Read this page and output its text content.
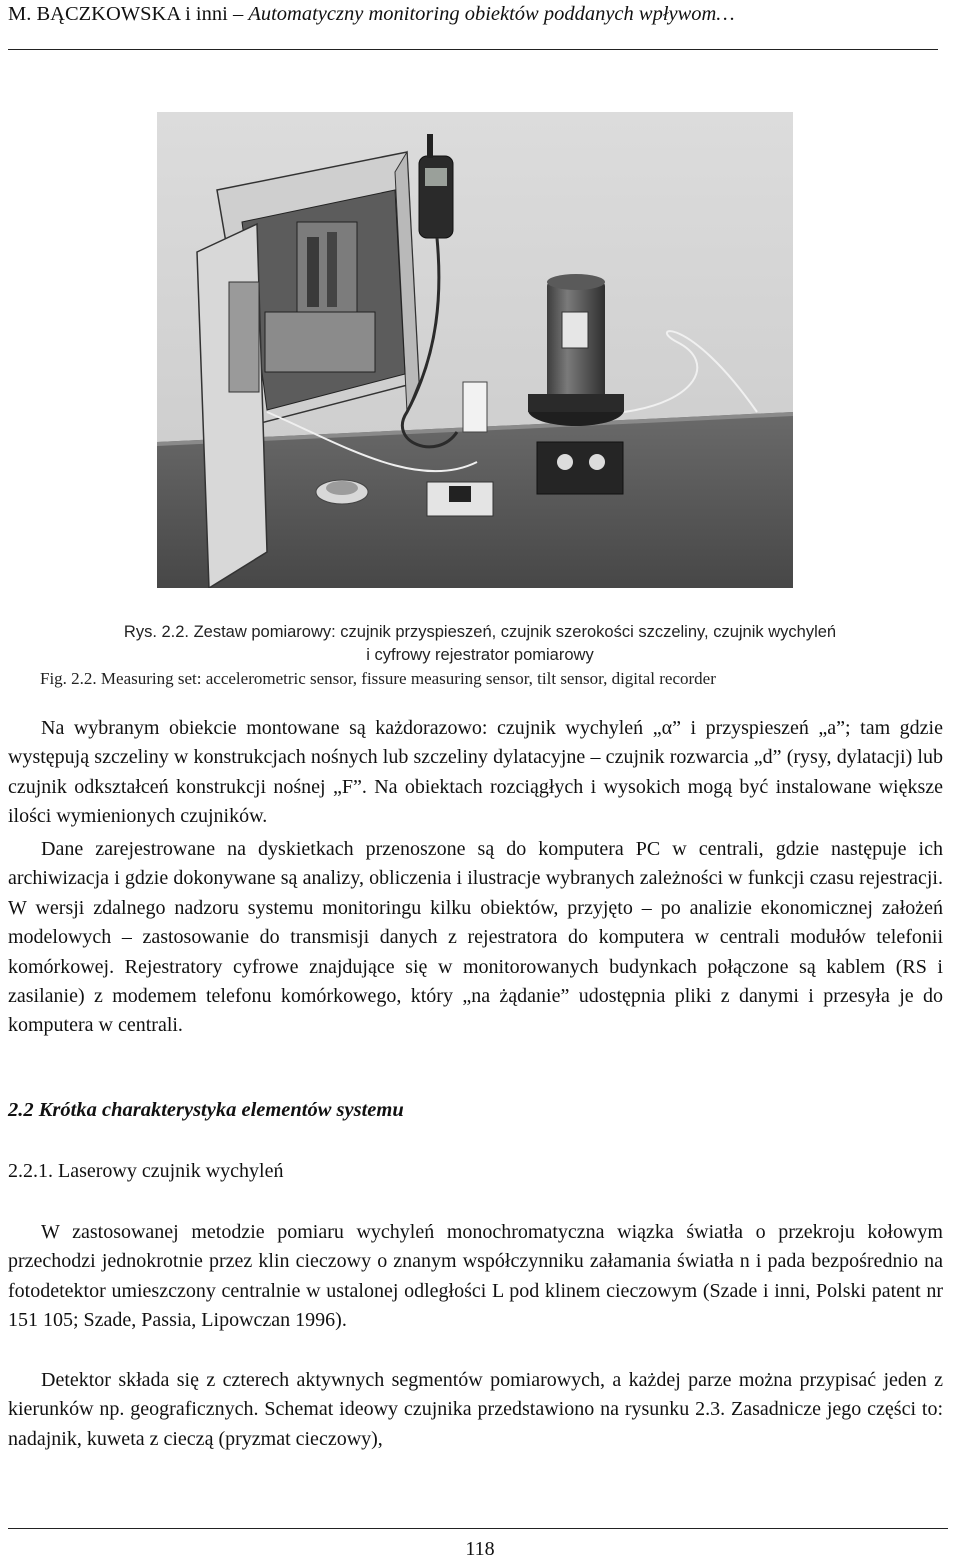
M. BĄCZKOWSKA i inni – Automatyczny monitoring obiektów poddanych wpływom…
Rys. 2.2. Zestaw pomiarowy: czujnik przyspieszeń, czujnik szerokości szczeliny, czujnik wychyleń
i cyfrowy rejestrator pomiarowy
Fig. 2.2. Measuring set: accelerometric sensor, fissure measuring sensor, tilt sensor, digital recorder

Na wybranym obiekcie montowane są każdorazowo: czujnik wychyleń „α” i przyspieszeń „a”; tam gdzie występują szczeliny w konstrukcjach nośnych lub szczeliny dylatacyjne – czujnik rozwarcia „d” (rysy, dylatacji) lub czujnik odkształceń konstrukcji nośnej „F”. Na obiektach rozciągłych i wysokich mogą być instalowane większe ilości wymienionych czujników.

Dane zarejestrowane na dyskietkach przenoszone są do komputera PC w centrali, gdzie następuje ich archiwizacja i gdzie dokonywane są analizy, obliczenia i ilustracje wybranych zależności w funkcji czasu rejestracji. W wersji zdalnego nadzoru systemu monitoringu kilku obiektów, przyjęto – po analizie ekonomicznej założeń modelowych – zastosowanie do transmisji danych z rejestratora do komputera w centrali modułów telefonii komórkowej. Rejestratory cyfrowe znajdujące się w monitorowanych budynkach połączone są kablem (RS i zasilanie) z modemem telefonu komórkowego, który „na żądanie” udostępnia pliki z danymi i przesyła je do komputera w centrali.

2.2 Krótka charakterystyka elementów systemu
2.2.1. Laserowy czujnik wychyleń

W zastosowanej metodzie pomiaru wychyleń monochromatyczna wiązka światła o przekroju kołowym przechodzi jednokrotnie przez klin cieczowy o znanym współczynniku załamania światła n i pada bezpośrednio na fotodetektor umieszczony centralnie w ustalonej odległości L pod klinem cieczowym (Szade i inni, Polski patent nr 151 105; Szade, Passia, Lipowczan 1996).

Detektor składa się z czterech aktywnych segmentów pomiarowych, a każdej parze można przypisać jeden z kierunków np. geograficznych. Schemat ideowy czujnika przedstawiono na rysunku 2.3. Zasadnicze jego części to: nadajnik, kuweta z cieczą (pryzmat cieczowy),

118
